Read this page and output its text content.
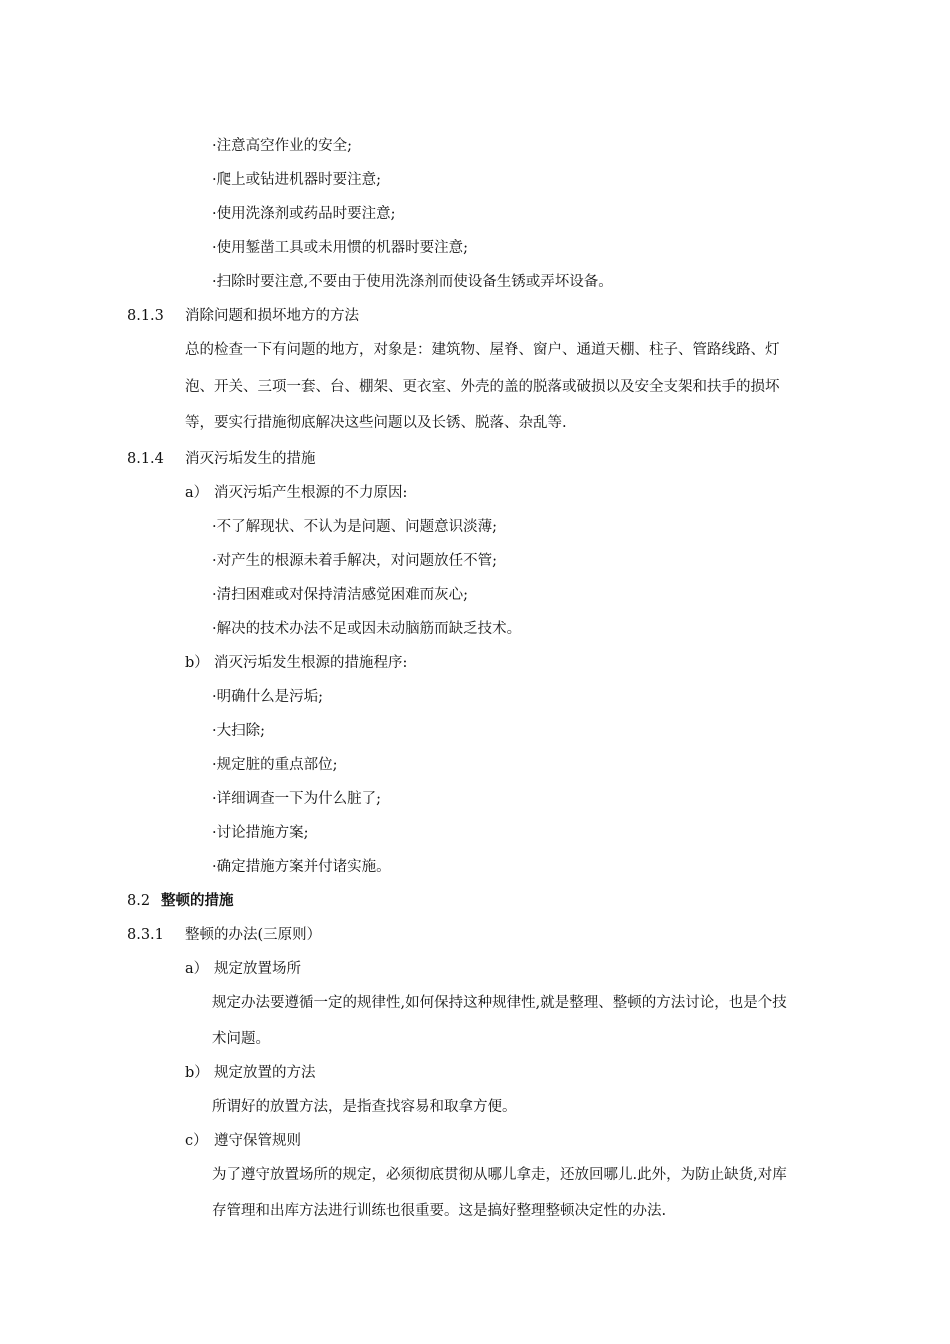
·注意高空作业的安全;
·爬上或钻进机器时要注意;
·使用洗涤剂或药品时要注意;
·使用錾凿工具或未用惯的机器时要注意;
·扫除时要注意,不要由于使用洗涤剂而使设备生锈或弄坏设备。
8.1.3 消除问题和损坏地方的方法
总的检查一下有问题的地方，对象是：建筑物、屋脊、窗户、通道天棚、柱子、管路线路、灯
泡、开关、三项一套、台、棚架、更衣室、外壳的盖的脱落或破损以及安全支架和扶手的损坏
等，要实行措施彻底解决这些问题以及长锈、脱落、杂乱等.
8.1.4 消灭污垢发生的措施
a） 消灭污垢产生根源的不力原因:
·不了解现状、不认为是问题、问题意识淡薄;
·对产生的根源未着手解决，对问题放任不管;
·清扫困难或对保持清洁感觉困难而灰心;
·解决的技术办法不足或因未动脑筋而缺乏技术。
b） 消灭污垢发生根源的措施程序:
·明确什么是污垢;
·大扫除;
·规定脏的重点部位;
·详细调查一下为什么脏了;
·讨论措施方案;
·确定措施方案并付诸实施。
8.2 整顿的措施
8.3.1 整顿的办法(三原则）
a） 规定放置场所
规定办法要遵循一定的规律性,如何保持这种规律性,就是整理、整顿的方法讨论，也是个技
术问题。
b） 规定放置的方法
所谓好的放置方法，是指查找容易和取拿方便。
c） 遵守保管规则
为了遵守放置场所的规定，必须彻底贯彻从哪儿拿走，还放回哪儿.此外，为防止缺货,对库
存管理和出库方法进行训练也很重要。这是搞好整理整顿决定性的办法.
